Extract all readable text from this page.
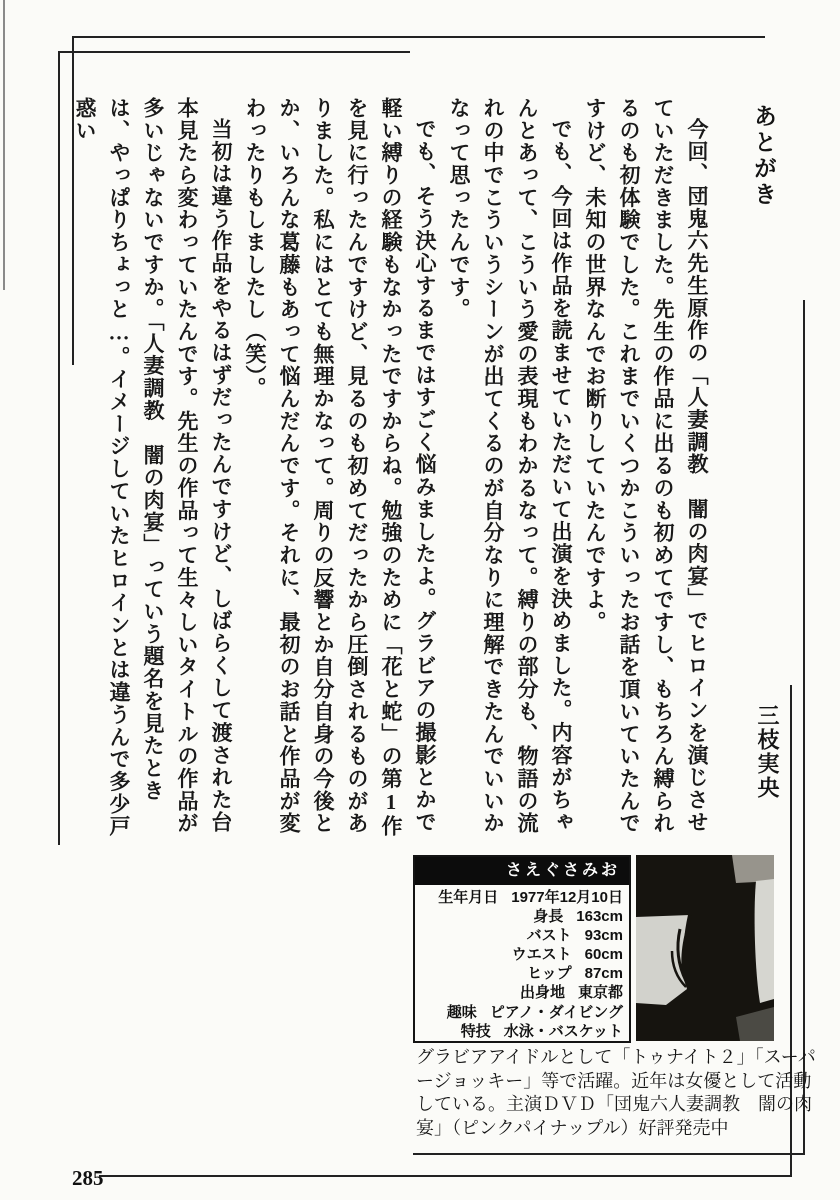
あとがき
三枝実央

今回、団鬼六先生原作の「人妻調教　闇の肉宴」でヒロインを演じさせていただきました。先生の作品に出るのも初めてですし、もちろん縛られるのも初体験でした。これまでいくつかこういったお話を頂いていたんですけど、未知の世界なんでお断りしていたんですよ。

でも、今回は作品を読ませていただいて出演を決めました。内容がちゃんとあって、こういう愛の表現もわかるなって。縛りの部分も、物語の流れの中でこういうシーンが出てくるのが自分なりに理解できたんでいいかなって思ったんです。

でも、そう決心するまではすごく悩みましたよ。グラビアの撮影とかで軽い縛りの経験もなかったですからね。勉強のために「花と蛇」の第1作を見に行ったんですけど、見るのも初めてだったから圧倒されるものがありました。私にはとても無理かなって。周りの反響とか自分自身の今後とか、いろんな葛藤もあって悩んだんです。それに、最初のお話と作品が変わったりもしましたし（笑）。

当初は違う作品をやるはずだったんですけど、しばらくして渡された台本見たら変わっていたんです。先生の作品って生々しいタイトルの作品が多いじゃないですか。「人妻調教　闇の肉宴」っていう題名を見たときは、やっぱりちょっと…。イメージしていたヒロインとは違うんで多少戸惑い

さえぐさみお
生年月日 1977年12月10日
身長 163cm
バスト 93cm
ウエスト 60cm
ヒップ 87cm
出身地 東京都
趣味 ピアノ・ダイビング
特技 水泳・バスケット
グラビアアイドルとして「トゥナイト２」「スーパージョッキー」等で活躍。近年は女優として活動している。主演ＤＶＤ「団鬼六人妻調教　闇の肉宴」（ピンクパイナップル）好評発売中
285
